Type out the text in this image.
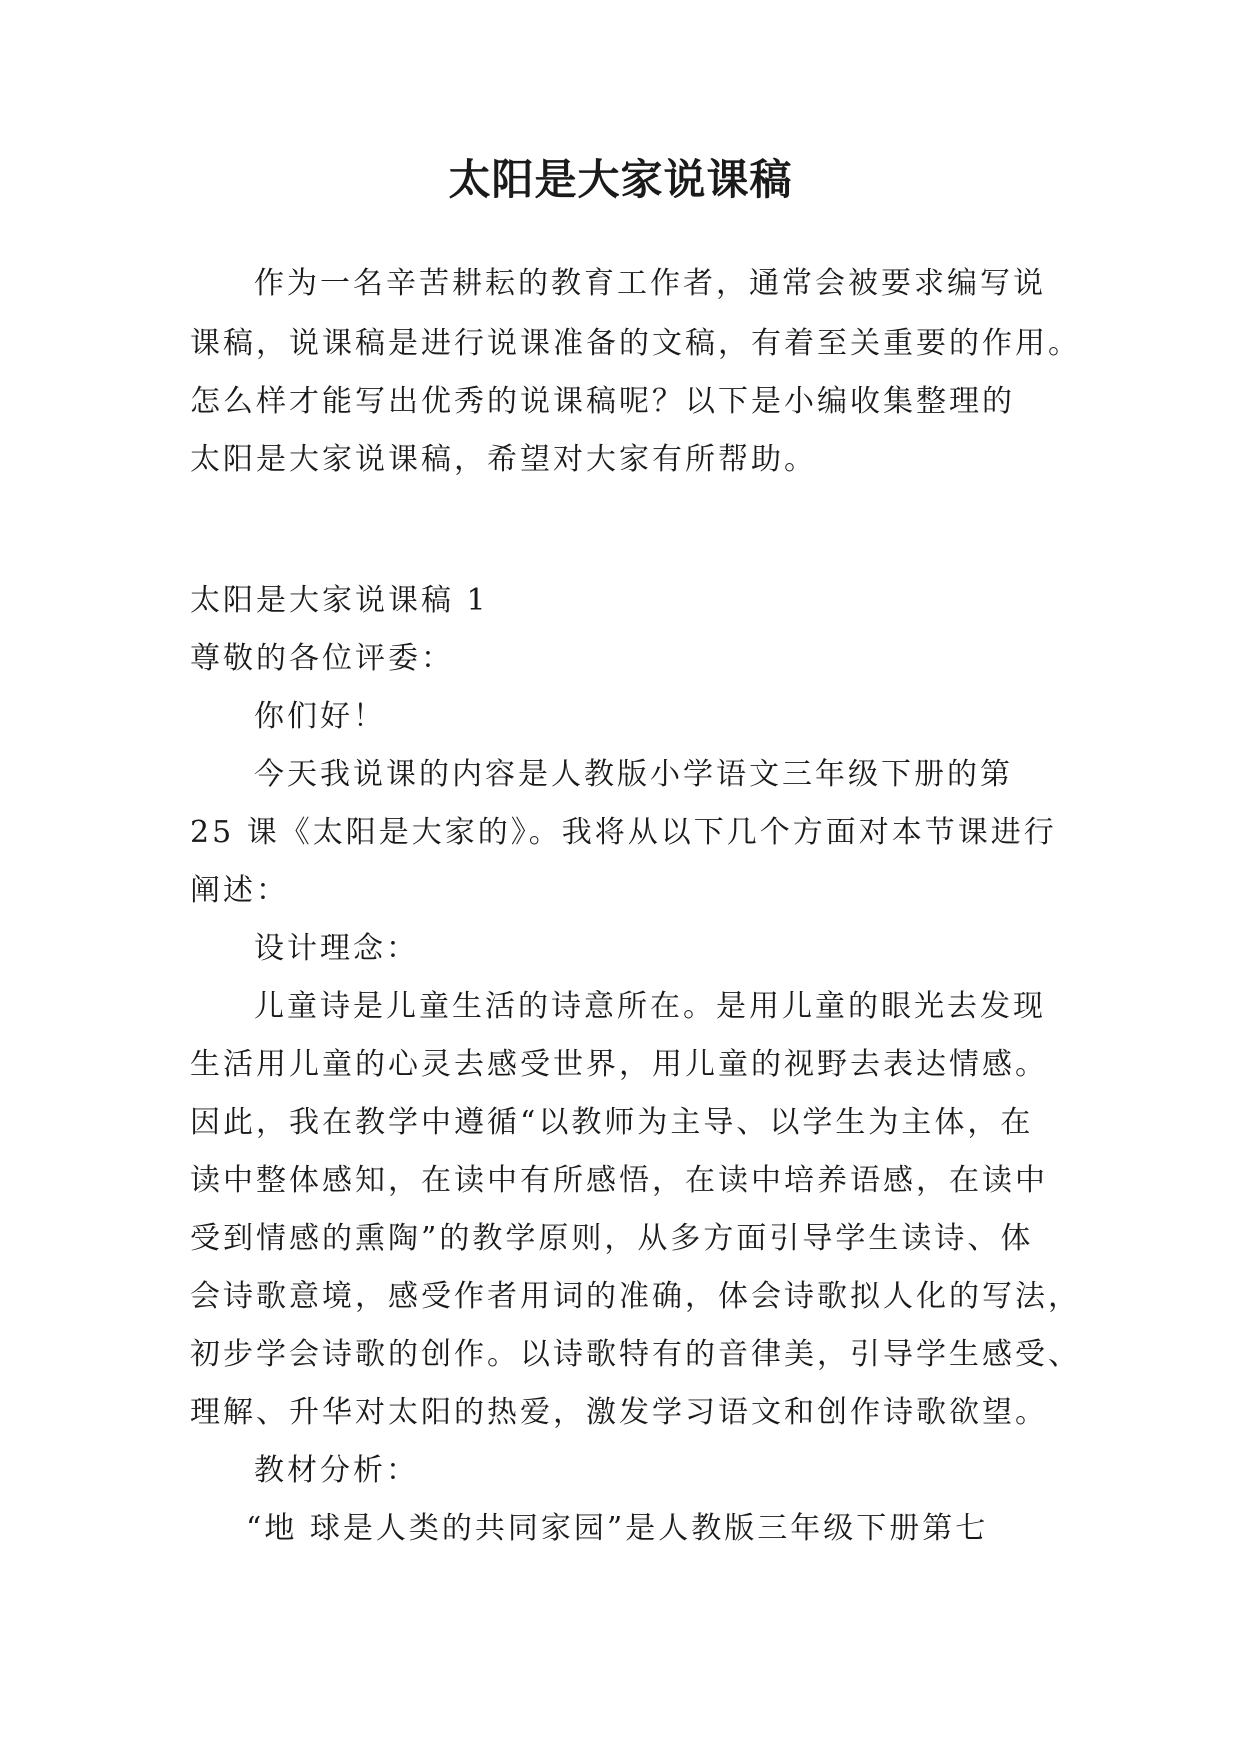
太阳是大家说课稿
作为一名辛苦耕耘的教育工作者，通常会被要求编写说
课稿，说课稿是进行说课准备的文稿，有着至关重要的作用。
怎么样才能写出优秀的说课稿呢？以下是小编收集整理的
太阳是大家说课稿，希望对大家有所帮助。
太阳是大家说课稿 1
尊敬的各位评委：
你们好！
今天我说课的内容是人教版小学语文三年级下册的第
25 课《太阳是大家的》。我将从以下几个方面对本节课进行
阐述：
设计理念：
儿童诗是儿童生活的诗意所在。是用儿童的眼光去发现
生活用儿童的心灵去感受世界，用儿童的视野去表达情感。
因此，我在教学中遵循“以教师为主导、以学生为主体，在
读中整体感知，在读中有所感悟，在读中培养语感，在读中
受到情感的熏陶”的教学原则，从多方面引导学生读诗、体
会诗歌意境，感受作者用词的准确，体会诗歌拟人化的写法，
初步学会诗歌的创作。以诗歌特有的音律美，引导学生感受、
理解、升华对太阳的热爱，激发学习语文和创作诗歌欲望。
教材分析：
“地 球是人类的共同家园”是人教版三年级下册第七
